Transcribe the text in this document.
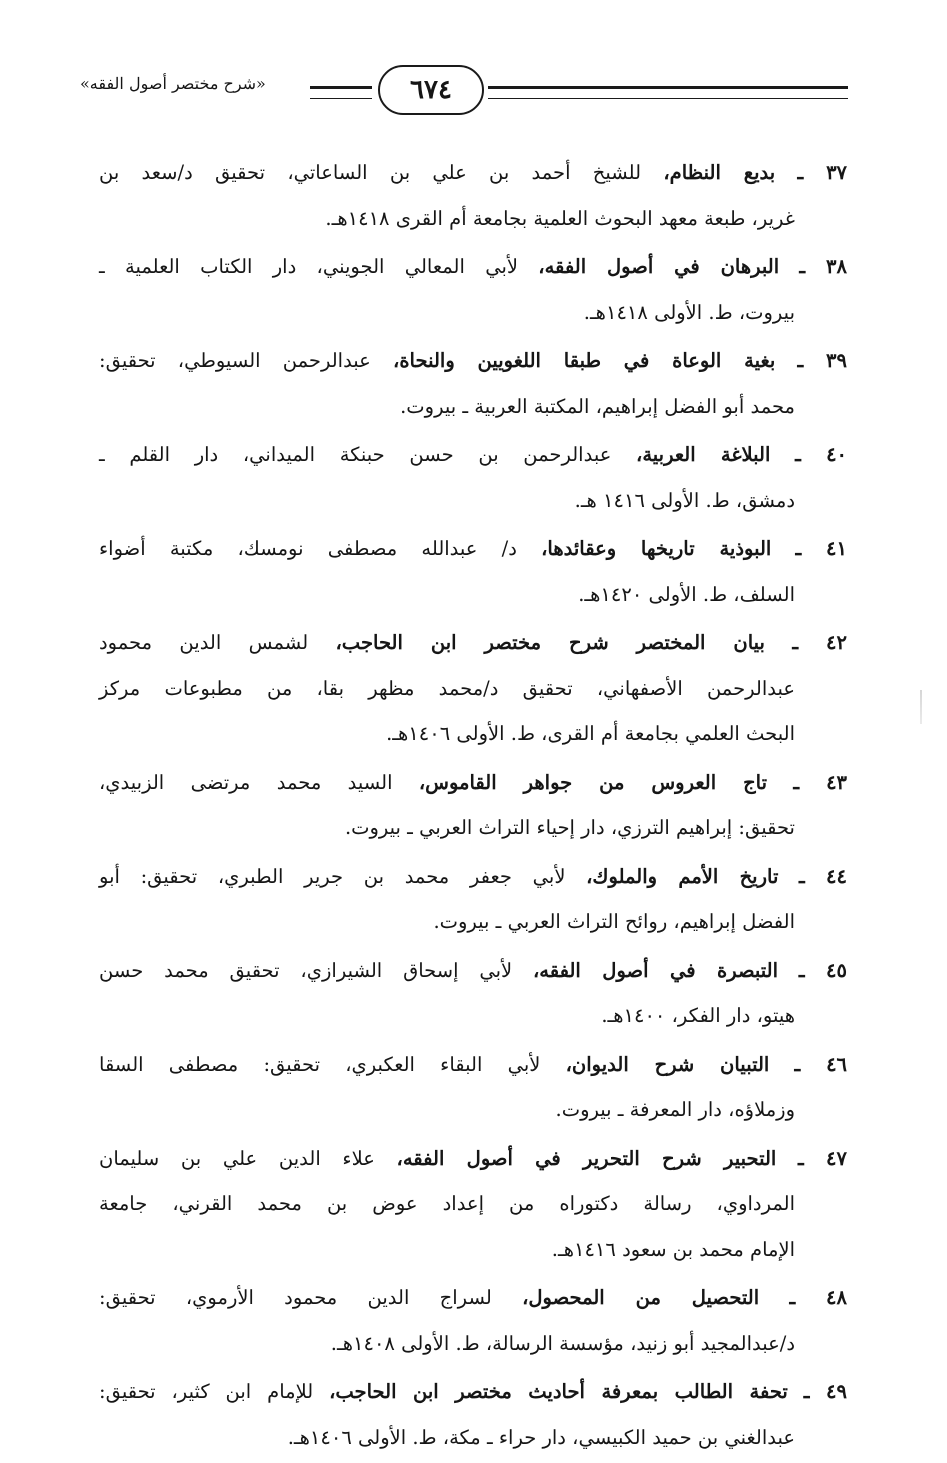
٦٧٤
«شرح مختصر أصول الفقه»
٣٧ ـ بديع النظام، للشيخ أحمد بن علي بن الساعاتي، تحقيق د/سعد بن
غرير، طبعة معهد البحوث العلمية بجامعة أم القرى ١٤١٨هـ.
٣٨ ـ البرهان في أصول الفقه، لأبي المعالي الجويني، دار الكتاب العلمية ـ
بيروت، ط. الأولى ١٤١٨هـ.
٣٩ ـ بغية الوعاة في طبقا اللغويين والنحاة، عبدالرحمن السيوطي، تحقيق:
محمد أبو الفضل إبراهيم، المكتبة العربية ـ بيروت.
٤٠ ـ البلاغة العربية، عبدالرحمن بن حسن حبنكة الميداني، دار القلم ـ
دمشق، ط. الأولى ١٤١٦ هـ.
٤١ ـ البوذية تاريخها وعقائدها، د/ عبدالله مصطفى نومسك، مكتبة أضواء
السلف، ط. الأولى ١٤٢٠هـ.
٤٢ ـ بيان المختصر شرح مختصر ابن الحاجب، لشمس الدين محمود
عبدالرحمن الأصفهاني، تحقيق د/محمد مظهر بقا، من مطبوعات مركز
البحث العلمي بجامعة أم القرى، ط. الأولى ١٤٠٦هـ.
٤٣ ـ تاج العروس من جواهر القاموس، السيد محمد مرتضى الزبيدي،
تحقيق: إبراهيم الترزي، دار إحياء التراث العربي ـ بيروت.
٤٤ ـ تاريخ الأمم والملوك، لأبي جعفر محمد بن جرير الطبري، تحقيق: أبو
الفضل إبراهيم، روائح التراث العربي ـ بيروت.
٤٥ ـ التبصرة في أصول الفقه، لأبي إسحاق الشيرازي، تحقيق محمد حسن
هيتو، دار الفكر، ١٤٠٠هـ.
٤٦ ـ التبيان شرح الديوان، لأبي البقاء العكبري، تحقيق: مصطفى السقا
وزملاؤه، دار المعرفة ـ بيروت.
٤٧ ـ التحبير شرح التحرير في أصول الفقه، علاء الدين علي بن سليمان
المرداوي، رسالة دكتوراه من إعداد عوض بن محمد القرني، جامعة
الإمام محمد بن سعود ١٤١٦هـ.
٤٨ ـ التحصيل من المحصول، لسراج الدين محمود الأرموي، تحقيق:
د/عبدالمجيد أبو زنيد، مؤسسة الرسالة، ط. الأولى ١٤٠٨هـ.
٤٩ ـ تحفة الطالب بمعرفة أحاديث مختصر ابن الحاجب، للإمام ابن كثير، تحقيق:
عبدالغني بن حميد الكبيسي، دار حراء ـ مكة، ط. الأولى ١٤٠٦هـ.
